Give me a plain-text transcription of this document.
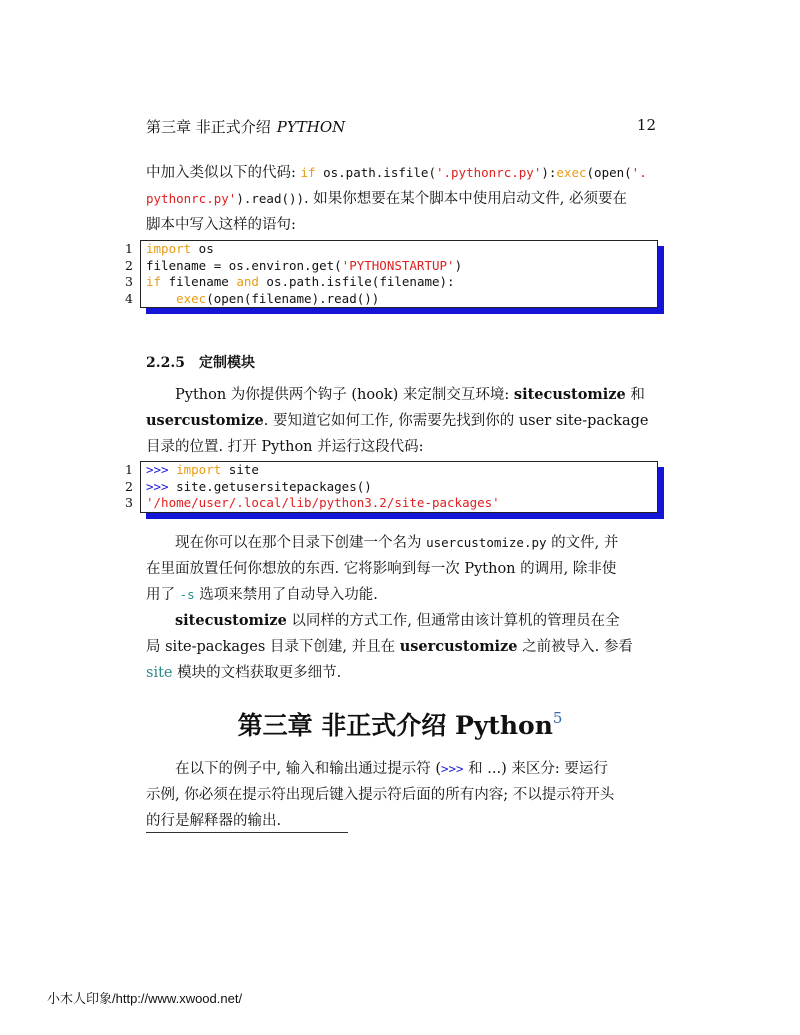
第三章 非正式介绍 PYTHON	12
中加入类似以下的代码: if os.path.isfile('.pythonrc.py'):exec(open('.
pythonrc.py').read()). 如果你想要在某个脚本中使用启动文件, 必须要在
脚本中写入这样的语句:
1 import os
2 filename = os.environ.get('PYTHONSTARTUP')
3 if filename and os.path.isfile(filename):
4	exec(open(filename).read())
2.2.5 定制模块
　　Python 为你提供两个钩子 (hook) 来定制交互环境: sitecustomize 和
usercustomize. 要知道它如何工作, 你需要先找到你的 user site-package
目录的位置. 打开 Python 并运行这段代码:
1 >>> import site
2 >>> site.getusersitepackages()
3 '/home/user/.local/lib/python3.2/site-packages'
　　现在你可以在那个目录下创建一个名为 usercustomize.py 的文件, 并
在里面放置任何你想放的东西. 它将影响到每一次 Python 的调用, 除非使
用了 -s 选项来禁用了自动导入功能.
　　sitecustomize 以同样的方式工作, 但通常由该计算机的管理员在全
局 site-packages 目录下创建, 并且在 usercustomize 之前被导入. 参看
site 模块的文档获取更多细节.
第三章 非正式介绍 Python$^5$
　　在以下的例子中, 输入和输出通过提示符 (>>> 和 ...) 来区分: 要运行
示例, 你必须在提示符出现后键入提示符后面的所有内容; 不以提示符开头
的行是解释器的输出.
小木人印象/http://www.xwood.net/
